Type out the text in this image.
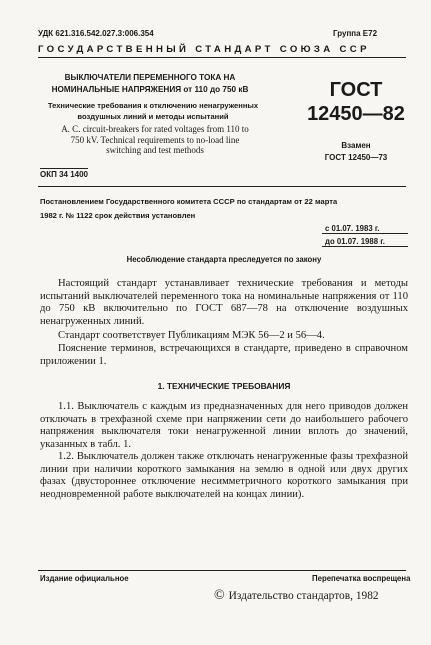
УДК 621.316.542.027.3:006.354	Группа Е72
ГОСУДАРСТВЕННЫЙ СТАНДАРТ СОЮЗА ССР
ВЫКЛЮЧАТЕЛИ ПЕРЕМЕННОГО ТОКА НА
НОМИНАЛЬНЫЕ НАПРЯЖЕНИЯ от 110 до 750 кВ
Технические требования к отключению ненагруженных
воздушных линий и методы испытаний
A. C. circuit-breakers for rated voltages from 110 to
750 kV. Technical requirements to no-load line
switching and test methods
ОКП 34 1400
ГОСТ
12450—82
Взамен
ГОСТ 12450—73
Постановлением Государственного комитета СССР по стандартам от 22 марта
1982 г. № 1122 срок действия установлен
с 01.07. 1983 г.
до 01.07. 1988 г.
Несоблюдение стандарта преследуется по закону
Настоящий стандарт устанавливает технические требования и методы испытаний выключателей переменного тока на номинальные напряжения от 110 до 750 кВ включительно по ГОСТ 687—78 на отключение воздушных ненагруженных линий.
Стандарт соответствует Публикациям МЭК 56—2 и 56—4.
Пояснение терминов, встречающихся в стандарте, приведено в справочном приложении 1.
1. ТЕХНИЧЕСКИЕ ТРЕБОВАНИЯ
1.1. Выключатель с каждым из предназначенных для него приводов должен отключать в трехфазной схеме при напряжении сети до наибольшего рабочего напряжения выключателя токи ненагруженной линии вплоть до значений, указанных в табл. 1.
1.2. Выключатель должен также отключать ненагруженные фазы трехфазной линии при наличии короткого замыкания на землю в одной или двух других фазах (двустороннее отключение несимметричного короткого замыкания при неодновременной работе выключателей на концах линии).
Издание официальное	Перепечатка воспрещена
© Издательство стандартов, 1982
